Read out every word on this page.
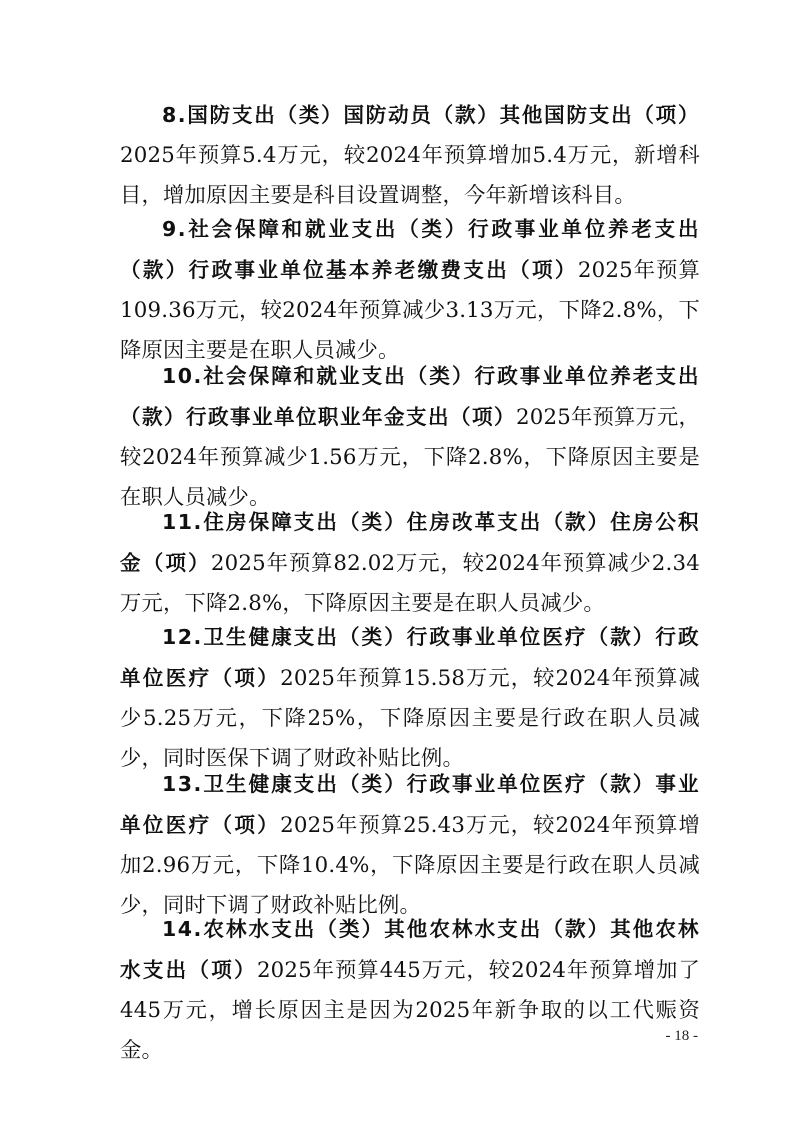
8.国防支出（类）国防动员（款）其他国防支出（项）2025年预算5.4万元，较2024年预算增加5.4万元，新增科目，增加原因主要是科目设置调整，今年新增该科目。

9.社会保障和就业支出（类）行政事业单位养老支出（款）行政事业单位基本养老缴费支出（项）2025年预算109.36万元，较2024年预算减少3.13万元，下降2.8%，下降原因主要是在职人员减少。

10.社会保障和就业支出（类）行政事业单位养老支出（款）行政事业单位职业年金支出（项）2025年预算万元，较2024年预算减少1.56万元，下降2.8%，下降原因主要是在职人员减少。

11.住房保障支出（类）住房改革支出（款）住房公积金（项）2025年预算82.02万元，较2024年预算减少2.34万元，下降2.8%，下降原因主要是在职人员减少。

12.卫生健康支出（类）行政事业单位医疗（款）行政单位医疗（项）2025年预算15.58万元，较2024年预算减少5.25万元，下降25%，下降原因主要是行政在职人员减少，同时医保下调了财政补贴比例。

13.卫生健康支出（类）行政事业单位医疗（款）事业单位医疗（项）2025年预算25.43万元，较2024年预算增加2.96万元，下降10.4%，下降原因主要是行政在职人员减少，同时下调了财政补贴比例。

14.农林水支出（类）其他农林水支出（款）其他农林水支出（项）2025年预算445万元，较2024年预算增加了445万元，增长原因主是因为2025年新争取的以工代赈资金。

- 18 -
